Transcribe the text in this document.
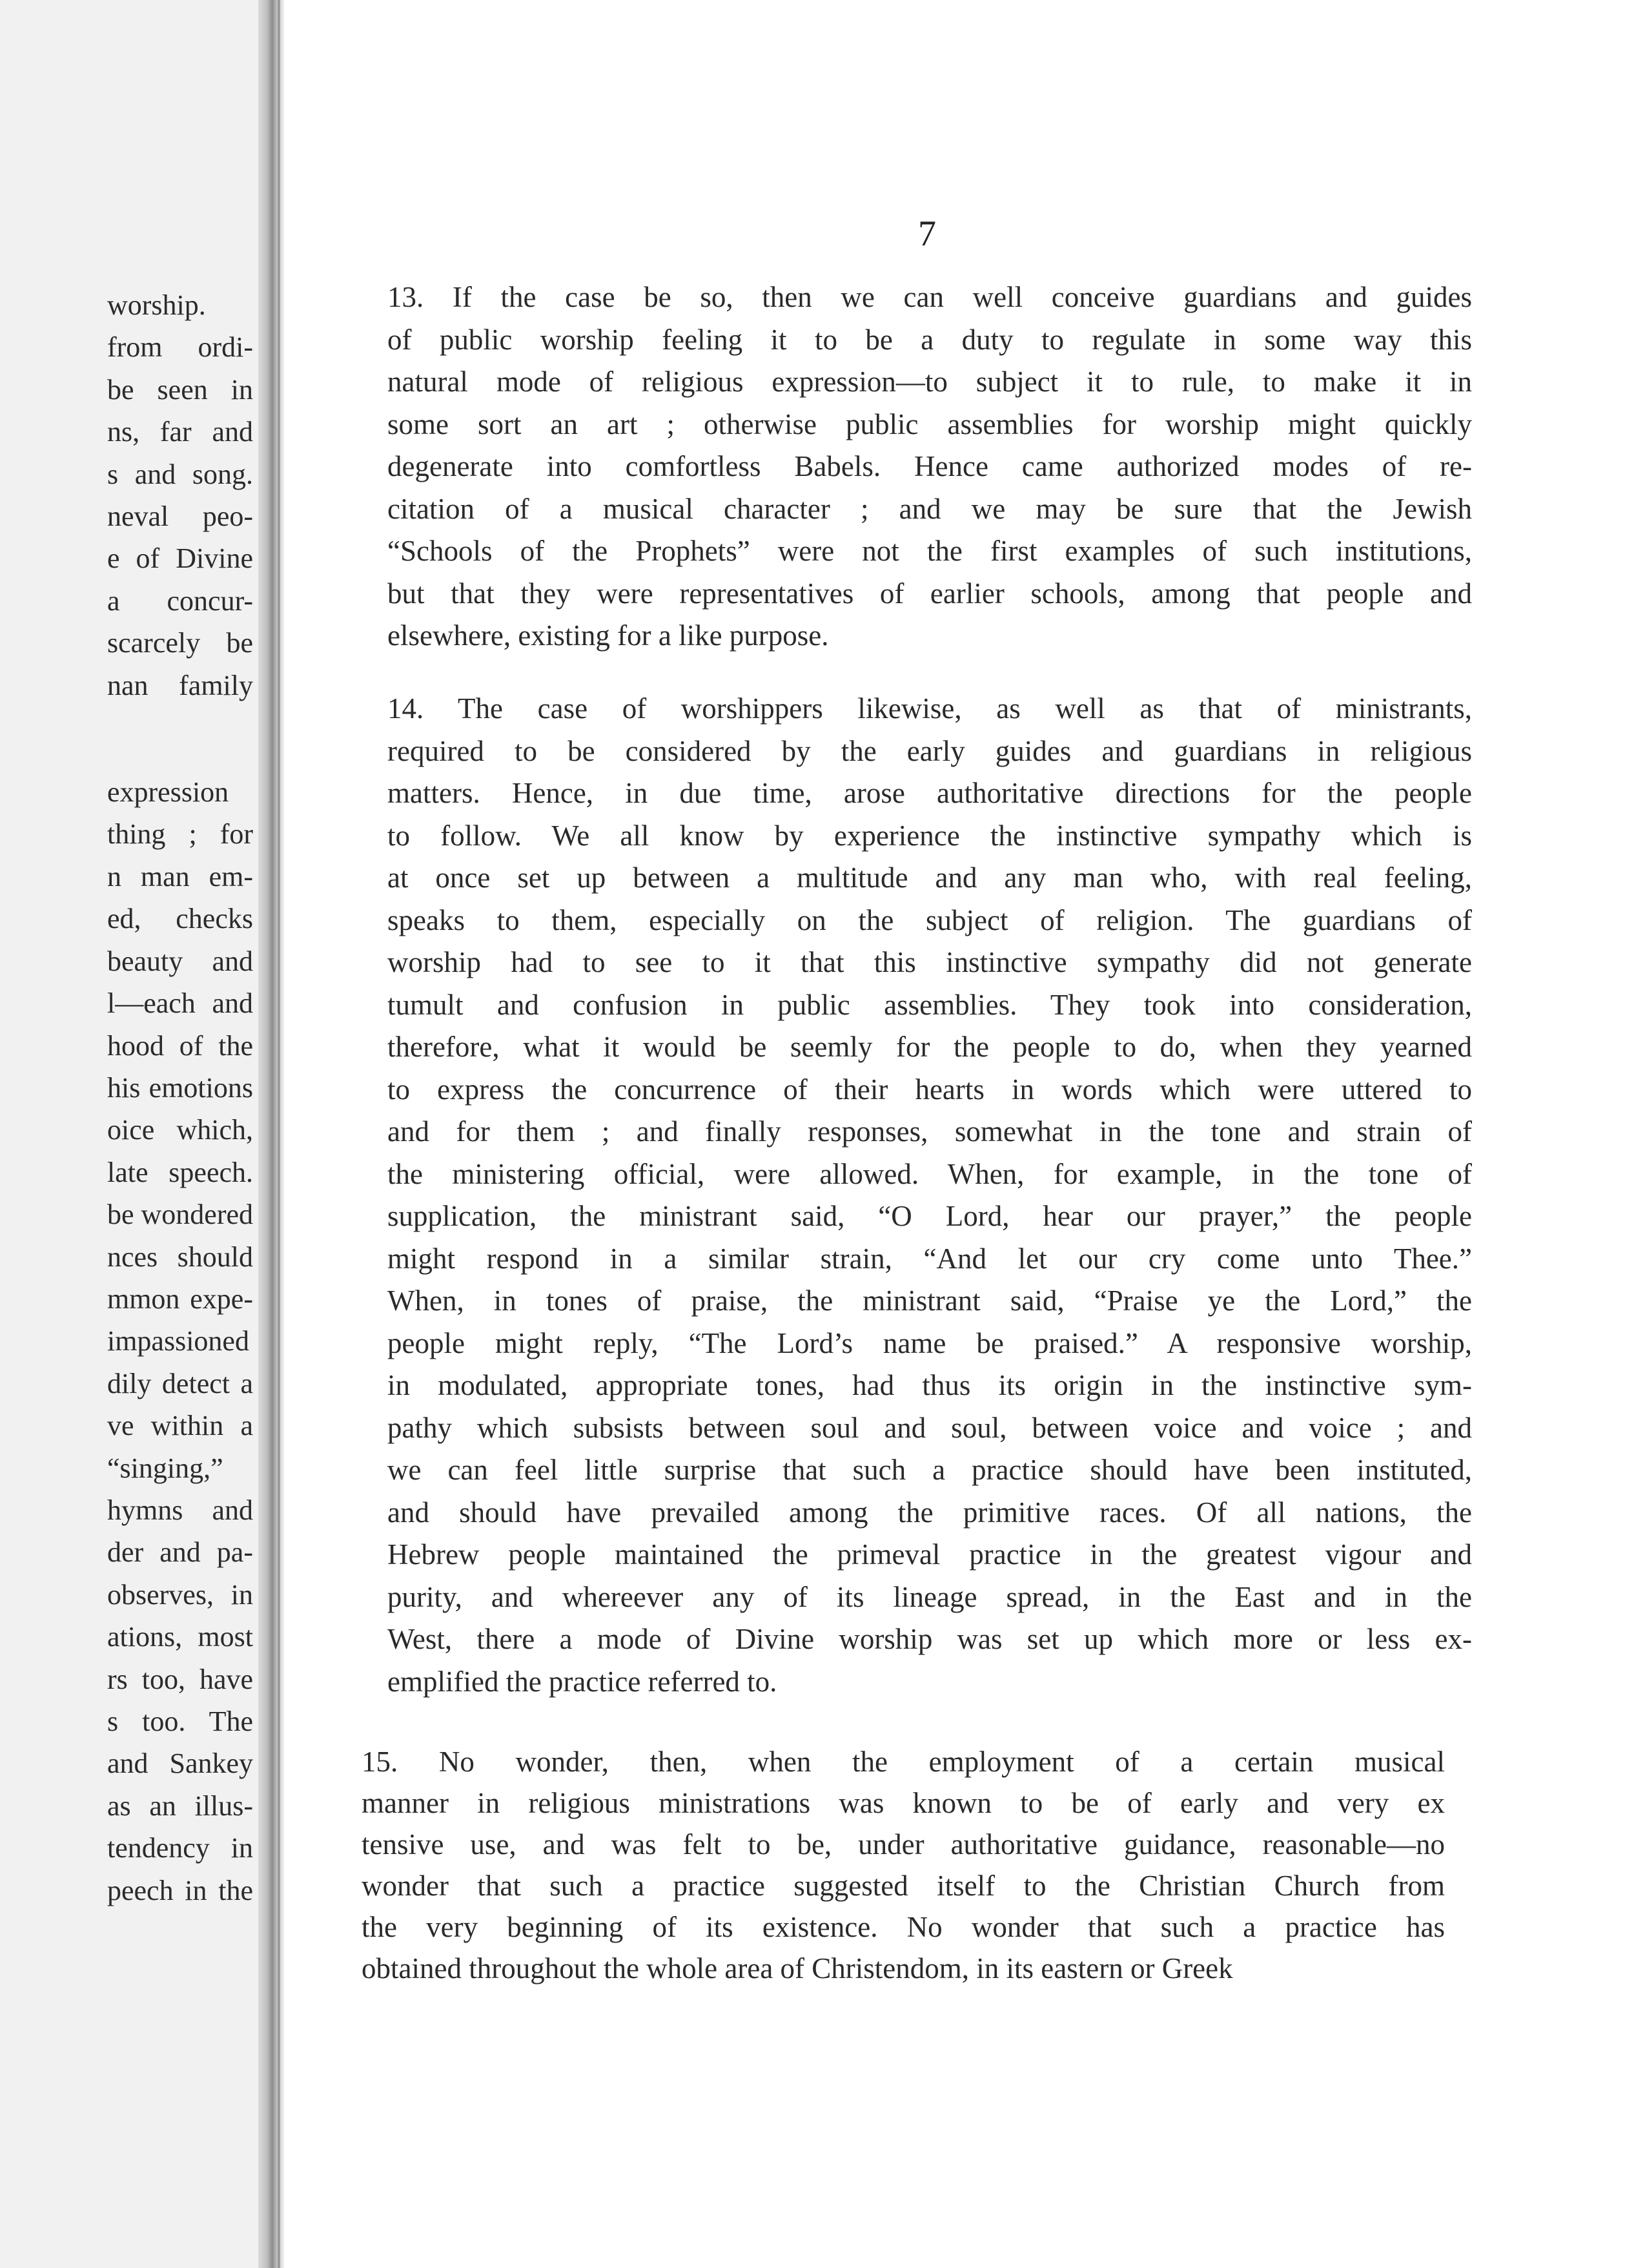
worship.
from ordi-
be seen in
ns, far and
s and song.
neval peo-
e of Divine
a concur-
scarcely be
nan family
expression
thing ; for
n man em-
ed, checks
beauty and
l—each and
hood of the
his emotions
oice which,
late speech.
be wondered
nces should
mmon expe-
impassioned
dily detect a
ve within a
“singing,”
hymns and
der and pa-
observes, in
ations, most
rs too, have
s too. The
and Sankey
as an illus-
tendency in
peech in the
7
13. If the case be so, then we can well conceive guardians and guides
of public worship feeling it to be a duty to regulate in some way this
natural mode of religious expression—to subject it to rule, to make it in
some sort an art ; otherwise public assemblies for worship might quickly
degenerate into comfortless Babels. Hence came authorized modes of re-
citation of a musical character ; and we may be sure that the Jewish
“Schools of the Prophets” were not the first examples of such institutions,
but that they were representatives of earlier schools, among that people and
elsewhere, existing for a like purpose.
14. The case of worshippers likewise, as well as that of ministrants,
required to be considered by the early guides and guardians in religious
matters. Hence, in due time, arose authoritative directions for the people
to follow. We all know by experience the instinctive sympathy which is
at once set up between a multitude and any man who, with real feeling,
speaks to them, especially on the subject of religion. The guardians of
worship had to see to it that this instinctive sympathy did not generate
tumult and confusion in public assemblies. They took into consideration,
therefore, what it would be seemly for the people to do, when they yearned
to express the concurrence of their hearts in words which were uttered to
and for them ; and finally responses, somewhat in the tone and strain of
the ministering official, were allowed. When, for example, in the tone of
supplication, the ministrant said, “O Lord, hear our prayer,” the people
might respond in a similar strain, “And let our cry come unto Thee.”
When, in tones of praise, the ministrant said, “Praise ye the Lord,” the
people might reply, “The Lord’s name be praised.” A responsive worship,
in modulated, appropriate tones, had thus its origin in the instinctive sym-
pathy which subsists between soul and soul, between voice and voice ; and
we can feel little surprise that such a practice should have been instituted,
and should have prevailed among the primitive races. Of all nations, the
Hebrew people maintained the primeval practice in the greatest vigour and
purity, and whereever any of its lineage spread, in the East and in the
West, there a mode of Divine worship was set up which more or less ex-
emplified the practice referred to.
15. No wonder, then, when the employment of a certain musical
manner in religious ministrations was known to be of early and very ex
tensive use, and was felt to be, under authoritative guidance, reasonable—no
wonder that such a practice suggested itself to the Christian Church from
the very beginning of its existence. No wonder that such a practice has
obtained throughout the whole area of Christendom, in its eastern or Greek
